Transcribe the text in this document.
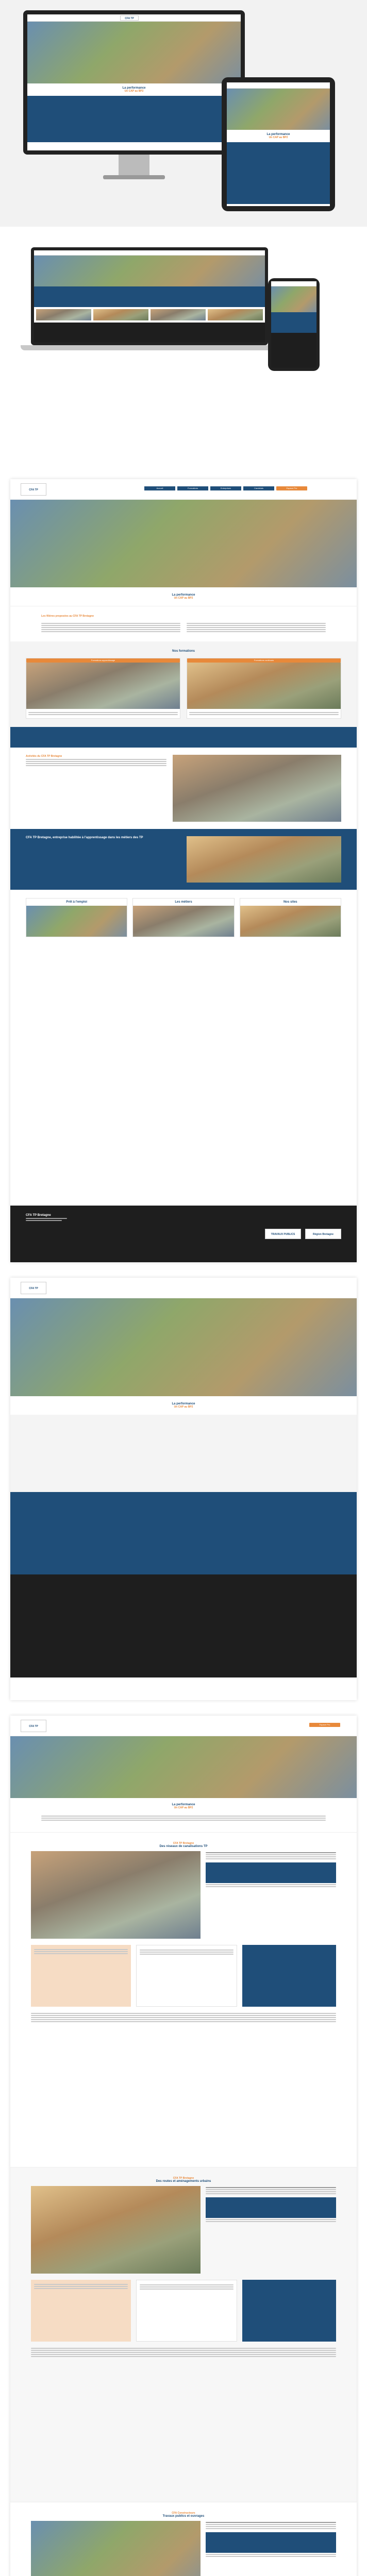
CFA TP
La performance
Un CAP au BP2
La performance
Un CAP au BP2
CFA TP
Accueil	Formations	Entreprises	Candidats	Espace Pro
La performance
Un CAP au BP2
Les filières proposées au CFA TP Bretagne
Nos formations
Formations apprentissage	Formations continues
Activités du CFA TP Bretagne
CFA TP Bretagne, entreprise habilitée à l'apprentissage dans les métiers des TP
Prêt à l'emploi	Les métiers	Nos sites
CFA TP Bretagne
TRAVAUX PUBLICS	Région Bretagne
CFA TP
La performance
Un CAP au BP2
CFA TP
Espace Pro
La performance
Un CAP au BP2
CFA TP Bretagne
Des réseaux de canalisations TP
CFA TP Bretagne
Des routes et aménagements urbains
CFA Constructeurs
Travaux publics et ouvrages
